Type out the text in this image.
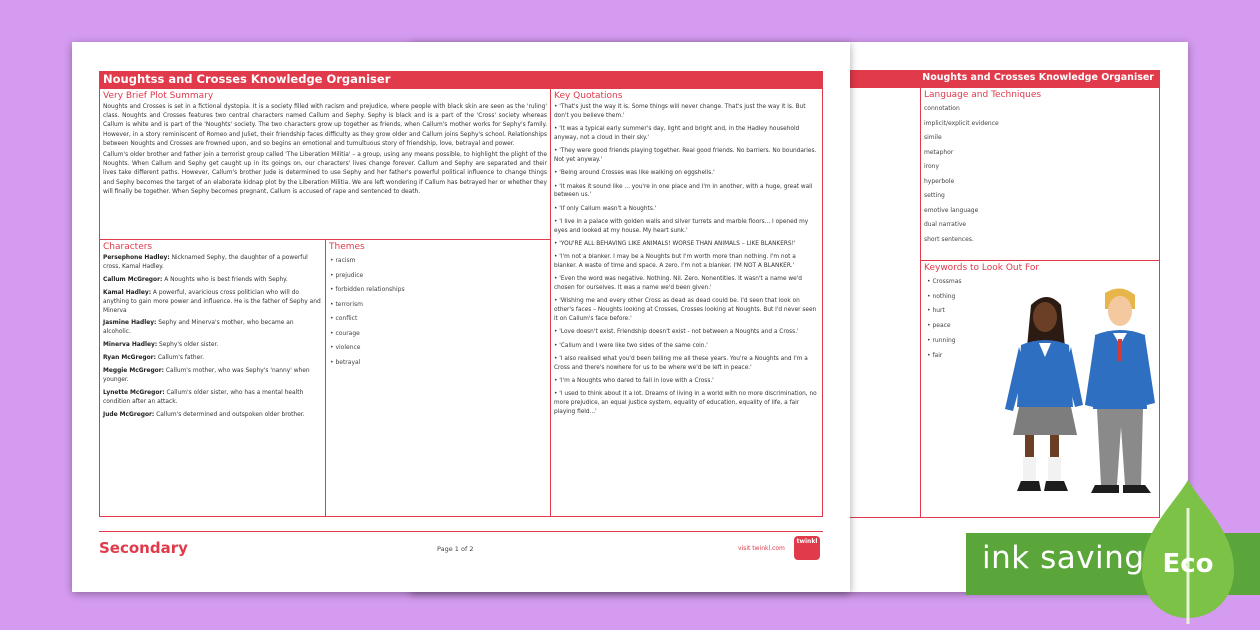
Noughts and Crosses Knowledge Organiser
Language and Techniques
connotation
implicit/explicit evidence
simile
metaphor
irony
hyperbole
setting
emotive language
dual narrative
short sentences.
Keywords to Look Out For
• Crossmas
• nothing
• hurt
• peace
• running
• fair
Noughtss and Crosses Knowledge Organiser
Very Brief Plot Summary
Noughts and Crosses is set in a fictional dystopia. It is a society filled with racism and prejudice, where people with black skin are seen as the 'ruling' class. Noughts and Crosses features two central characters named Callum and Sephy. Sephy is black and is a part of the 'Cross' society whereas Callum is white and is part of the 'Noughts' society. The two characters grow up together as friends, when Callum's mother works for Sephy's family. However, in a story reminiscent of Romeo and Juliet, their friendship faces difficulty as they grow older and Callum joins Sephy's school. Relationships between Noughts and Crosses are frowned upon, and so begins an emotional and tumultuous story of friendship, love, betrayal and power.
Callum's older brother and father join a terrorist group called 'The Liberation Militia' – a group, using any means possible, to highlight the plight of the Noughts. When Callum and Sephy get caught up in its goings on, our characters' lives change forever. Callum and Sephy are separated and their lives take different paths. However, Callum's brother Jude is determined to use Sephy and her father's powerful political influence to change things and Sephy becomes the target of an elaborate kidnap plot by the Liberation Militia. We are left wondering if Callum has betrayed her or whether they will finally be together. When Sephy becomes pregnant, Callum is accused of rape and sentenced to death.
Characters
Persephone Hadley: Nicknamed Sephy, the daughter of a powerful cross, Kamal Hadley.
Callum McGregor: A Noughts who is best friends with Sephy.
Kamal Hadley: A powerful, avaricious cross politician who will do anything to gain more power and influence. He is the father of Sephy and Minerva
Jasmine Hadley: Sephy and Minerva's mother, who became an alcoholic.
Minerva Hadley: Sephy's older sister.
Ryan McGregor: Callum's father.
Meggie McGregor: Callum's mother, who was Sephy's 'nanny' when younger.
Lynette McGregor: Callum's older sister, who has a mental health condition after an attack.
Jude McGregor: Callum's determined and outspoken older brother.
Themes
• racism
• prejudice
• forbidden relationships
• terrorism
• conflict
• courage
• violence
• betrayal
Key Quotations
• 'That's just the way it is. Some things will never change. That's just the way it is. But don't you believe them.'
• 'It was a typical early summer's day, light and bright and, in the Hadley household anyway, not a cloud in their sky.'
• 'They were good friends playing together. Real good friends. No barriers. No boundaries. Not yet anyway.'
• 'Being around Crosses was like walking on eggshells.'
• 'It makes it sound like ... you're in one place and I'm in another, with a huge, great wall between us.'
• 'If only Callum wasn't a Noughts.'
• 'I live in a palace with golden walls and silver turrets and marble floors... I opened my eyes and looked at my house. My heart sunk.'
• 'YOU'RE ALL BEHAVING LIKE ANIMALS! WORSE THAN ANIMALS – LIKE BLANKERS!'
• 'I'm not a blanker. I may be a Noughts but I'm worth more than nothing. I'm not a blanker. A waste of time and space. A zero. I'm not a blanker. I'M NOT A BLANKER.'
• 'Even the word was negative. Nothing. Nil. Zero. Nonentities. It wasn't a name we'd chosen for ourselves. It was a name we'd been given.'
• 'Wishing me and every other Cross as dead as dead could be. I'd seen that look on other's faces – Noughts looking at Crosses, Crosses looking at Noughts. But I'd never seen it on Callum's face before.'
• 'Love doesn't exist. Friendship doesn't exist - not between a Noughts and a Cross.'
• 'Callum and I were like two sides of the same coin.'
• 'I also realised what you'd been telling me all these years. You're a Noughts and I'm a Cross and there's nowhere for us to be where we'd be left in peace.'
• 'I'm a Noughts who dared to fall in love with a Cross.'
• 'I used to think about it a lot. Dreams of living in a world with no more discrimination, no more prejudice, an equal justice system, equality of education, equality of life, a fair playing field...'
Secondary	Page 1 of 2	visit twinkl.com
twinkl	ink saving Eco
